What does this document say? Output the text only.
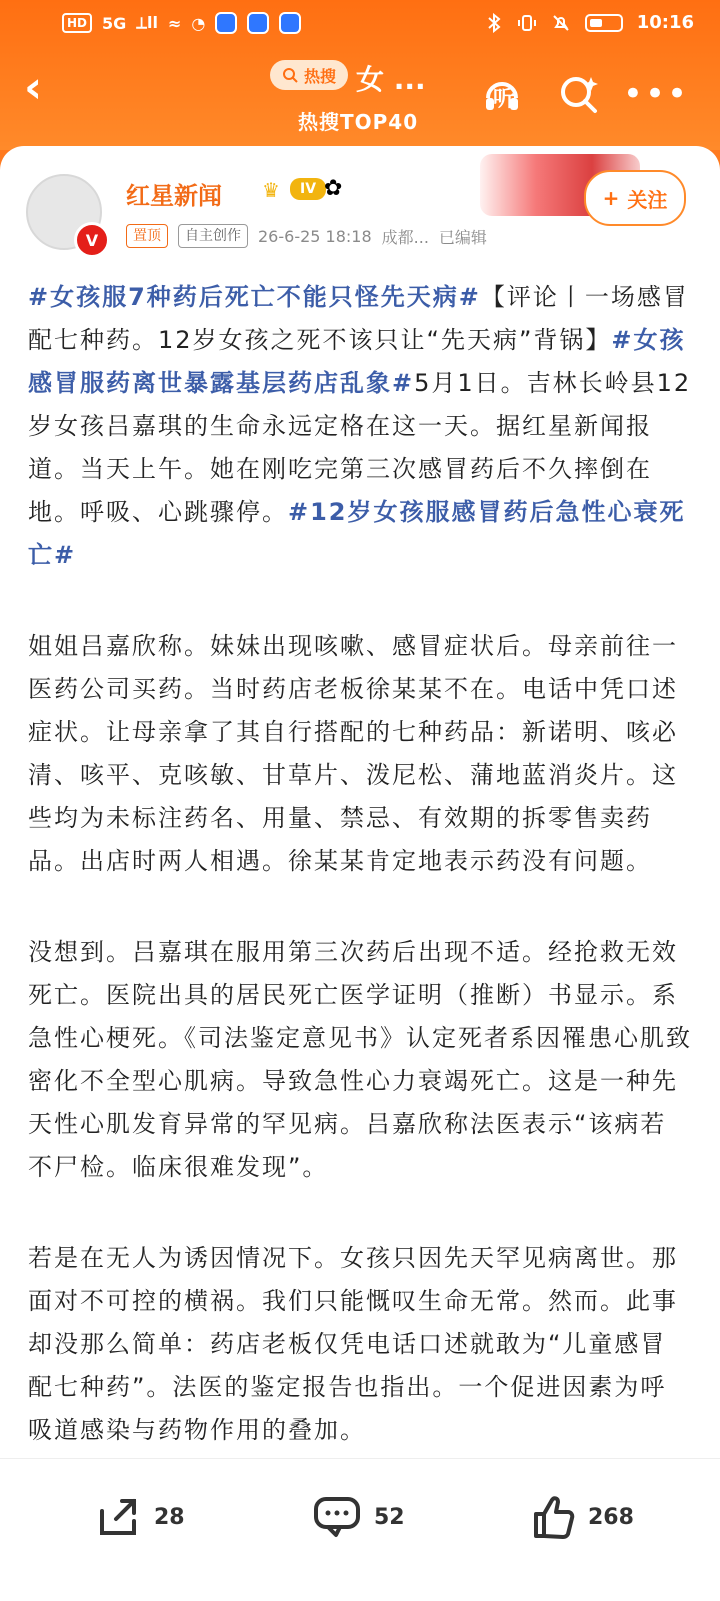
HD 5G ⟂ll ≈ ◔	10:16
‹	热搜 女 ...
热搜TOP40
听	•••
V
红星新闻 ♛	IV ✿	+ 关注
置顶	自主创作	26-6-25 18:18 成都... 已编辑

#女孩服7种药后死亡不能只怪先天病#【评论丨一场感冒配七种药。12岁女孩之死不该只让“先天病”背锅】#女孩感冒服药离世暴露基层药店乱象#5月1日。吉林长岭县12岁女孩吕嘉琪的生命永远定格在这一天。据红星新闻报道。当天上午。她在刚吃完第三次感冒药后不久摔倒在地。呼吸、心跳骤停。#12岁女孩服感冒药后急性心衰死亡#

姐姐吕嘉欣称。妹妹出现咳嗽、感冒症状后。母亲前往一医药公司买药。当时药店老板徐某某不在。电话中凭口述症状。让母亲拿了其自行搭配的七种药品：新诺明、咳必清、咳平、克咳敏、甘草片、泼尼松、蒲地蓝消炎片。这些均为未标注药名、用量、禁忌、有效期的拆零售卖药品。出店时两人相遇。徐某某肯定地表示药没有问题。

没想到。吕嘉琪在服用第三次药后出现不适。经抢救无效死亡。医院出具的居民死亡医学证明（推断）书显示。系急性心梗死。《司法鉴定意见书》认定死者系因罹患心肌致密化不全型心肌病。导致急性心力衰竭死亡。这是一种先天性心肌发育异常的罕见病。吕嘉欣称法医表示“该病若不尸检。临床很难发现”。

若是在无人为诱因情况下。女孩只因先天罕见病离世。那面对不可控的横祸。我们只能慨叹生命无常。然而。此事却没那么简单：药店老板仅凭电话口述就敢为“儿童感冒配七种药”。法医的鉴定报告也指出。一个促进因素为呼吸道感染与药物作用的叠加。

28	52	268
